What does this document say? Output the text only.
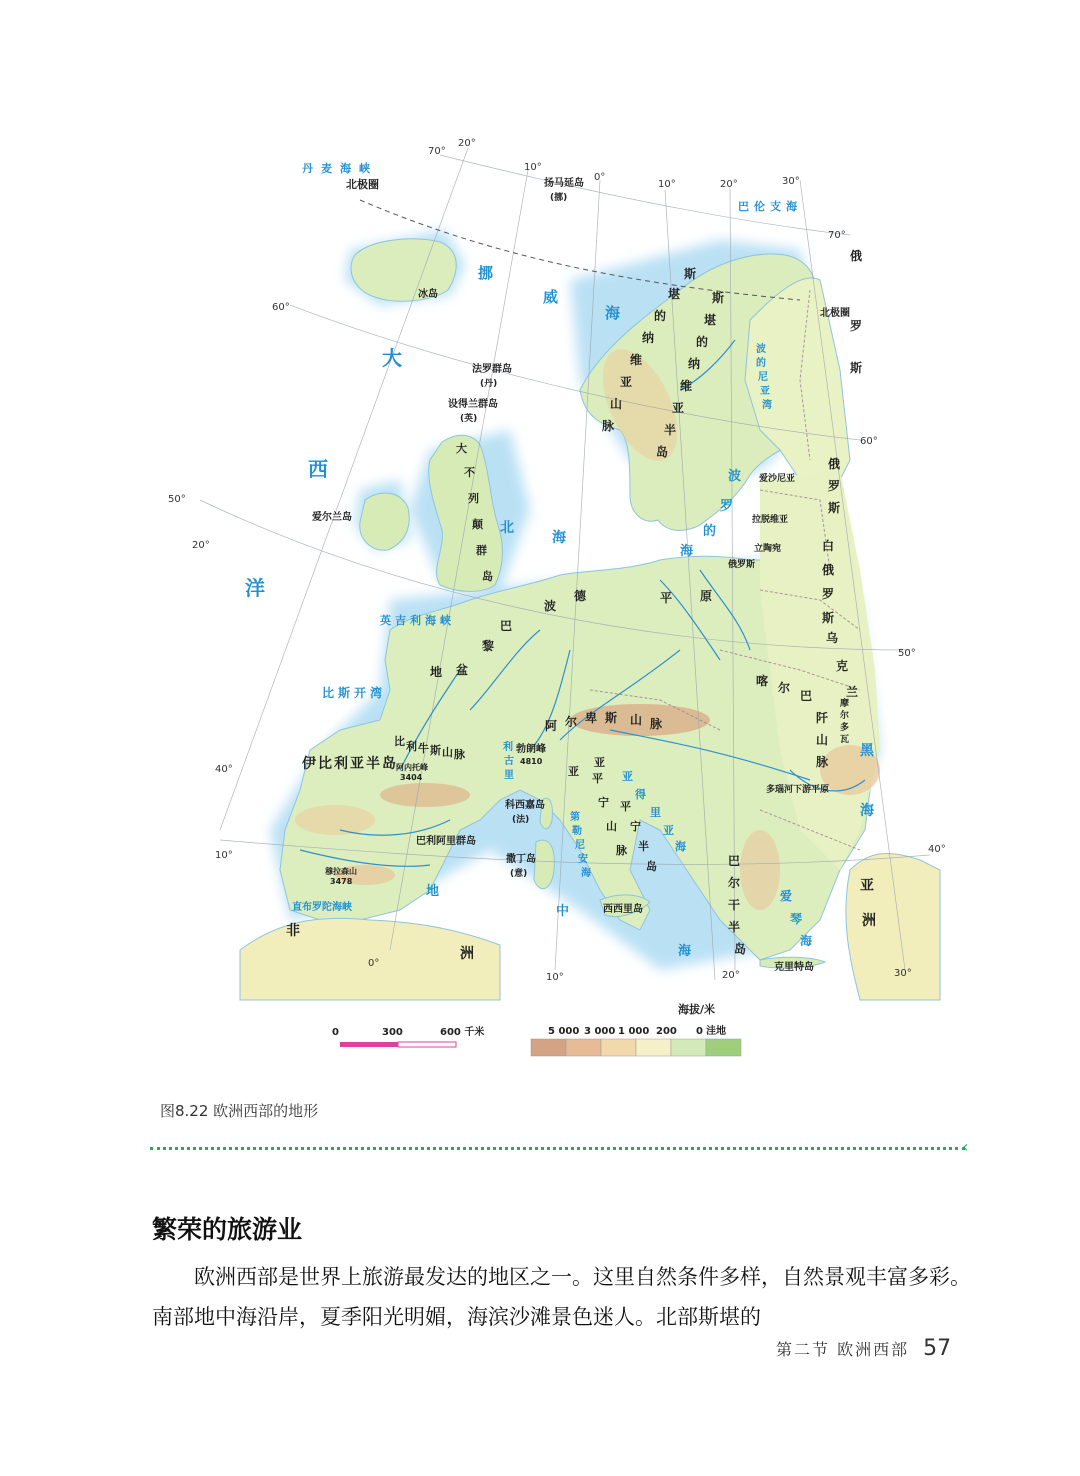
丹麦海峡
挪
威
海
大
西
洋
北
海
波
罗
的
海
巴伦支海
英吉利海峡
比斯开湾
直布罗陀海峡
地
中
海
亚
得
里
亚
海
利
古
里
爱
琴
海
黑
海
波
的
尼
亚
湾
第
勒
尼
安
海
北极圈
北极圈
扬马延岛
(挪)
冰岛
法罗群岛
(丹)
设得兰群岛
(英)
爱尔兰岛
斯
堪
的
纳
维
亚
山
脉
斯
堪
的
纳
维
亚
半
岛
大
不
列
颠
群
岛
波
德	平 原
巴
黎
盆
地
阿 尔 卑 斯 山 脉
勃朗峰
4810
喀 尔
巴
阡
山
脉
比 利 牛 斯 山 脉
阿内托峰
3404
伊比利亚半岛
穆拉森山
3478
巴利阿里群岛
科西嘉岛
(法)
撒丁岛
(意)
西西里岛
亚
平
宁
山
脉
亚
平
宁
半
岛	巴
尔
干
半
岛
克里特岛
多瑙河下游平原
爱沙尼亚
拉脱维亚
立陶宛
俄罗斯
摩
尔
多
瓦
俄
罗
斯
俄
罗
斯
白
俄
罗
斯
乌
克
兰
非
洲
亚
洲
70°
20°
10°
0°
10°	20°	30°
70°
60°
60°
50°
20°
50°
40°
10°
40°
0°
10°	20°	30°
0	300	600 千米
海拔/米
5 000 3 000 1 000 200 0 洼地
图8.22 欧洲西部的地形
‹
繁荣的旅游业
欧洲西部是世界上旅游最发达的地区之一。这里自然条件多样，自然景观丰富多彩。南部地中海沿岸，夏季阳光明媚，海滨沙滩景色迷人。北部斯堪的
第二节 欧洲西部 57
